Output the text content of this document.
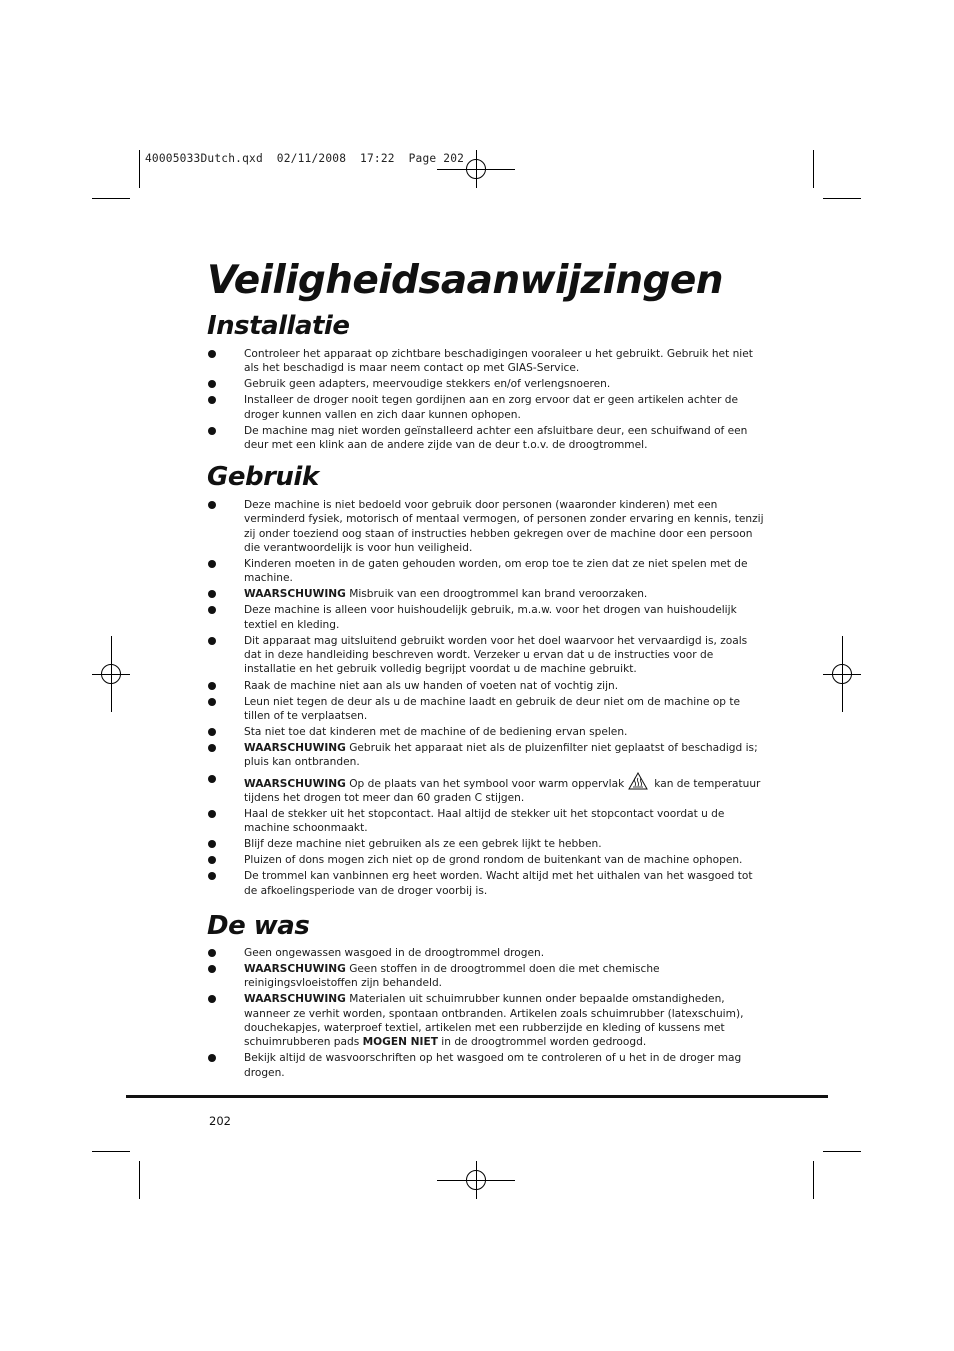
40005033Dutch.qxd 02/11/2008 17:22 Page 202
Veiligheidsaanwijzingen
Installatie
Controleer het apparaat op zichtbare beschadigingen vooraleer u het gebruikt. Gebruik het niet als het beschadigd is maar neem contact op met GIAS-Service.
Gebruik geen adapters, meervoudige stekkers en/of verlengsnoeren.
Installeer de droger nooit tegen gordijnen aan en zorg ervoor dat er geen artikelen achter de droger kunnen vallen en zich daar kunnen ophopen.
De machine mag niet worden geïnstalleerd achter een afsluitbare deur, een schuifwand of een deur met een klink aan de andere zijde van de deur t.o.v. de droogtrommel.
Gebruik
Deze machine is niet bedoeld voor gebruik door personen (waaronder kinderen) met een verminderd fysiek, motorisch of mentaal vermogen, of personen zonder ervaring en kennis, tenzij zij onder toeziend oog staan of instructies hebben gekregen over de machine door een persoon die verantwoordelijk is voor hun veiligheid.
Kinderen moeten in de gaten gehouden worden, om erop toe te zien dat ze niet spelen met de machine.
WAARSCHUWING Misbruik van een droogtrommel kan brand veroorzaken.
Deze machine is alleen voor huishoudelijk gebruik, m.a.w. voor het drogen van huishoudelijk textiel en kleding.
Dit apparaat mag uitsluitend gebruikt worden voor het doel waarvoor het vervaardigd is, zoals dat in deze handleiding beschreven wordt. Verzeker u ervan dat u de instructies voor de installatie en het gebruik volledig begrijpt voordat u de machine gebruikt.
Raak de machine niet aan als uw handen of voeten nat of vochtig zijn.
Leun niet tegen de deur als u de machine laadt en gebruik de deur niet om de machine op te tillen of te verplaatsen.
Sta niet toe dat kinderen met de machine of de bediening ervan spelen.
WAARSCHUWING Gebruik het apparaat niet als de pluizenfilter niet geplaatst of beschadigd is; pluis kan ontbranden.
WAARSCHUWING Op de plaats van het symbool voor warm oppervlak	kan de temperatuur tijdens het drogen tot meer dan 60 graden C stijgen.
Haal de stekker uit het stopcontact. Haal altijd de stekker uit het stopcontact voordat u de machine schoonmaakt.
Blijf deze machine niet gebruiken als ze een gebrek lijkt te hebben.
Pluizen of dons mogen zich niet op de grond rondom de buitenkant van de machine ophopen.
De trommel kan vanbinnen erg heet worden. Wacht altijd met het uithalen van het wasgoed tot de afkoelingsperiode van de droger voorbij is.
De was
Geen ongewassen wasgoed in de droogtrommel drogen.
WAARSCHUWING Geen stoffen in de droogtrommel doen die met chemische reinigingsvloeistoffen zijn behandeld.
WAARSCHUWING Materialen uit schuimrubber kunnen onder bepaalde omstandigheden, wanneer ze verhit worden, spontaan ontbranden. Artikelen zoals schuimrubber (latexschuim), douchekapjes, waterproef textiel, artikelen met een rubberzijde en kleding of kussens met schuimrubberen pads MOGEN NIET in de droogtrommel worden gedroogd.
Bekijk altijd de wasvoorschriften op het wasgoed om te controleren of u het in de droger mag drogen.
202
